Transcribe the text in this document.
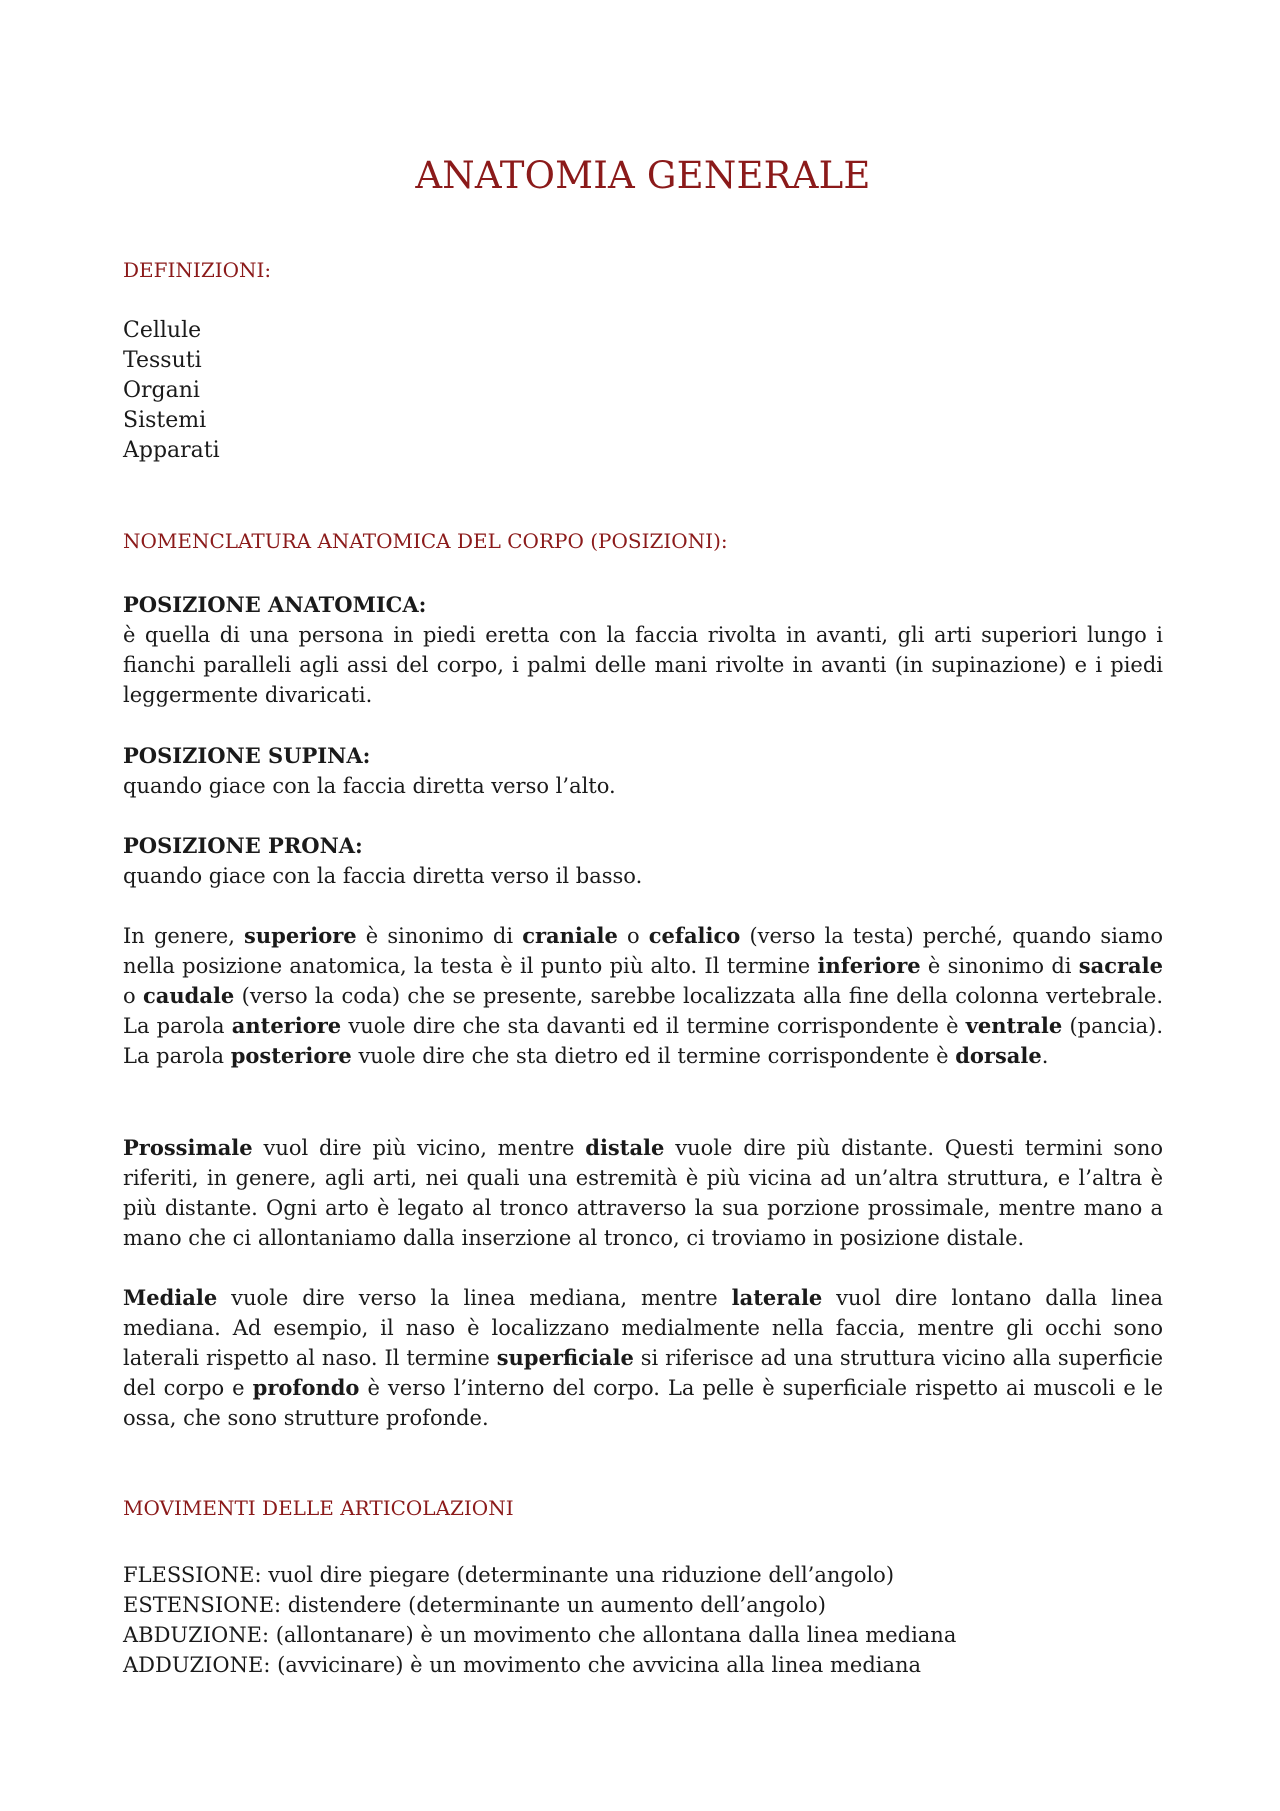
ANATOMIA GENERALE
DEFINIZIONI:
Cellule
Tessuti
Organi
Sistemi
Apparati
NOMENCLATURA ANATOMICA DEL CORPO (POSIZIONI):

POSIZIONE ANATOMICA:

è quella di una persona in piedi eretta con la faccia rivolta in avanti, gli arti superiori lungo i fianchi paralleli agli assi del corpo, i palmi delle mani rivolte in avanti (in supinazione) e i piedi leggermente divaricati.

POSIZIONE SUPINA:

quando giace con la faccia diretta verso l’alto.

POSIZIONE PRONA:

quando giace con la faccia diretta verso il basso.

In genere, superiore è sinonimo di craniale o cefalico (verso la testa) perché, quando siamo nella posizione anatomica, la testa è il punto più alto. Il termine inferiore è sinonimo di sacrale o caudale (verso la coda) che se presente, sarebbe localizzata alla fine della colonna vertebrale. La parola anteriore vuole dire che sta davanti ed il termine corrispondente è ventrale (pancia). La parola posteriore vuole dire che sta dietro ed il termine corrispondente è dorsale.

Prossimale vuol dire più vicino, mentre distale vuole dire più distante. Questi termini sono riferiti, in genere, agli arti, nei quali una estremità è più vicina ad un’altra struttura, e l’altra è più distante. Ogni arto è legato al tronco attraverso la sua porzione prossimale, mentre mano a mano che ci allontaniamo dalla inserzione al tronco, ci troviamo in posizione distale.

Mediale vuole dire verso la linea mediana, mentre laterale vuol dire lontano dalla linea mediana. Ad esempio, il naso è localizzano medialmente nella faccia, mentre gli occhi sono laterali rispetto al naso. Il termine superficiale si riferisce ad una struttura vicino alla superficie del corpo e profondo è verso l’interno del corpo. La pelle è superficiale rispetto ai muscoli e le ossa, che sono strutture profonde.

MOVIMENTI DELLE ARTICOLAZIONI
FLESSIONE: vuol dire piegare (determinante una riduzione dell’angolo)
ESTENSIONE: distendere (determinante un aumento dell’angolo)
ABDUZIONE: (allontanare) è un movimento che allontana dalla linea mediana
ADDUZIONE: (avvicinare) è un movimento che avvicina alla linea mediana
